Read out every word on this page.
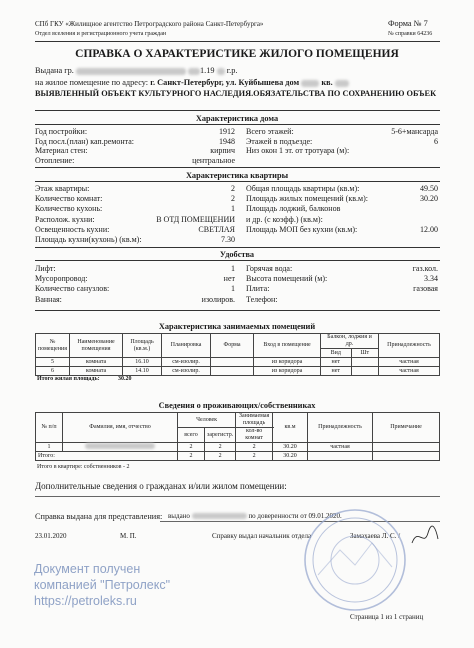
СПб ГКУ «Жилищное агентство Петроградского района Санкт-Петербурга»
Отдел вселения и регистрационного учета граждан
Форма № 7
№ справки 64236
СПРАВКА О ХАРАКТЕРИСТИКЕ ЖИЛОГО ПОМЕЩЕНИЯ
Выдана гр.	1.19 г.р.
на жилое помещение по адресу: г. Санкт-Петербург, ул. Куйбышева дом	кв.
ВЫЯВЛЕННЫЙ ОБЪЕКТ КУЛЬТУРНОГО НАСЛЕДИЯ.ОБЯЗАТЕЛЬСТВА ПО СОХРАНЕНИЮ ОБЪЕК
Характеристика дома
Год постройки:	1912
Год посл.(план) кап.ремонта:	1948
Материал стен:	кирпич
Отопление:	центральное
Всего этажей:	5-6+мансарда
Этажей в подъезде:	6
Низ окон 1 эт. от тротуара (м):
Характеристика квартиры
Этаж квартиры:	2
Количество комнат:	2
Количество кухонь:	1
Располож. кухни:	В ОТД ПОМЕЩЕНИИ
Освещенность кухни:	СВЕТЛАЯ
Площадь кухни(кухонь) (кв.м):	7.30
Общая площадь квартиры (кв.м):	49.50
Площадь жилых помещений (кв.м):	30.20
Площадь лоджий, балконов
и др. (с коэфф.) (кв.м):
Площадь МОП без кухни (кв.м):	12.00
Удобства
Лифт:	1
Мусоропровод:	нет
Количество санузлов:	1
Ванная:	изолиров.
Горячая вода:	газ.кол.
Высота помещений (м):	3.34
Плита:	газовая
Телефон:
Характеристика занимаемых помещений
№ помещения	Наименование помещения	Площадь (кв.м.)	Планировка	Форма	Вход в помещение	Балкон, лоджия и др.		Принадлежность
						Вид	Шт	
5	комната	16.10	см-изолир.		из коридора	нет		частная
6	комната	14.10	см-изолир.		из коридора	нет		частная
Итого жилая площадь:	30.20
Сведения о проживающих/собственниках
№ п/п	Фамилия, имя, отчество	Человек		Занимаемая площадь	кв.м	Принадлежность	Примечание
		всего	зарегистр.	кол-во комнат			
1		2	2	2	30.20	частная	
Итого:		2	2	2	30.20		
Итого в квартире: собственников - 2
Дополнительные сведения о гражданах и/или жилом помещении:
Справка выдана для представления: выдано	по доверенности от 09.01.2020.
23.01.2020	М. П.	Справку выдал начальник отдела	Замахаева Л. С. /
Документ получен
компанией "Петролекс"
https://petroleks.ru
Страница 1 из 1 страниц
